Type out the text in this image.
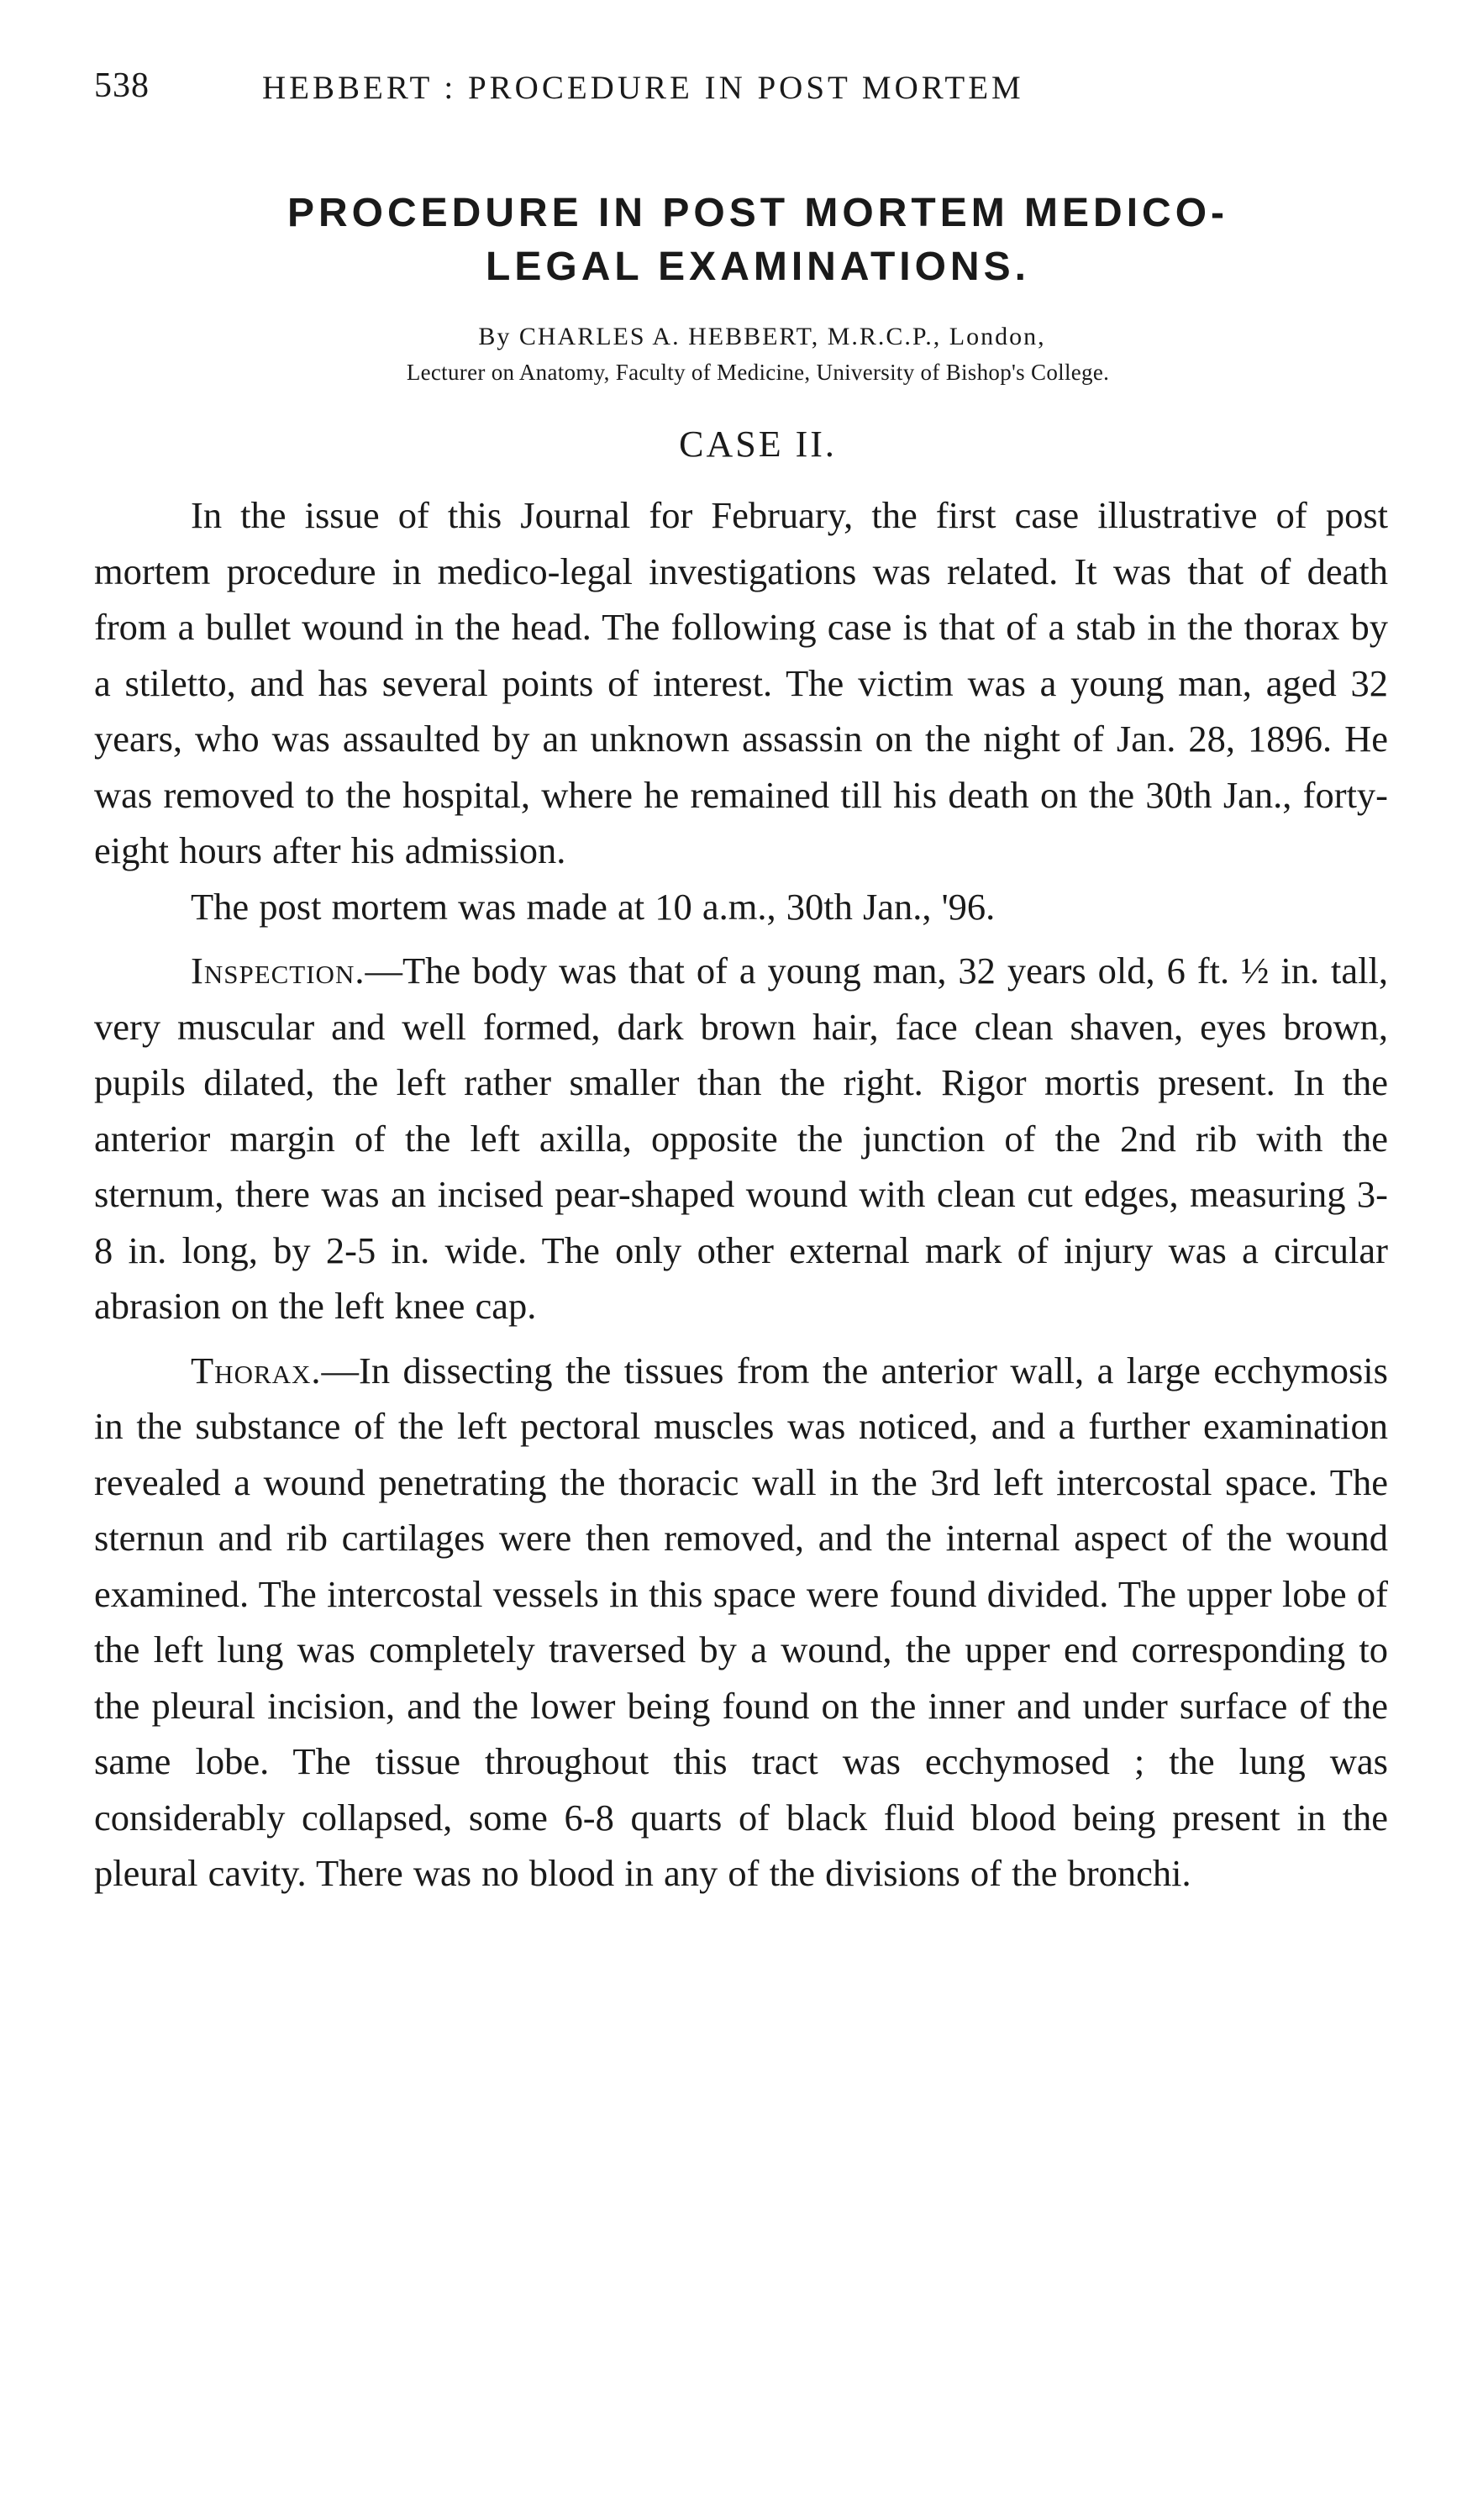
538	HEBBERT : PROCEDURE IN POST MORTEM
PROCEDURE IN POST MORTEM MEDICO-
LEGAL EXAMINATIONS.
By CHARLES A. HEBBERT, M.R.C.P., London,
Lecturer on Anatomy, Faculty of Medicine, University of Bishop's College.
CASE II.

In the issue of this Journal for February, the first case illustrative of post mortem procedure in medico-legal investigations was related. It was that of death from a bullet wound in the head. The following case is that of a stab in the thorax by a stiletto, and has several points of interest. The victim was a young man, aged 32 years, who was assaulted by an unknown assassin on the night of Jan. 28, 1896. He was removed to the hospital, where he remained till his death on the 30th Jan., forty-eight hours after his admission.

The post mortem was made at 10 a.m., 30th Jan., '96.

Inspection.—The body was that of a young man, 32 years old, 6 ft. ½ in. tall, very muscular and well formed, dark brown hair, face clean shaven, eyes brown, pupils dilated, the left rather smaller than the right. Rigor mortis present. In the anterior margin of the left axilla, opposite the junction of the 2nd rib with the sternum, there was an incised pear-shaped wound with clean cut edges, measuring 3-8 in. long, by 2-5 in. wide. The only other external mark of injury was a circular abrasion on the left knee cap.

Thorax.—In dissecting the tissues from the anterior wall, a large ecchymosis in the substance of the left pectoral muscles was noticed, and a further examination revealed a wound penetrating the thoracic wall in the 3rd left intercostal space. The sternun and rib cartilages were then removed, and the internal aspect of the wound examined. The intercostal vessels in this space were found divided. The upper lobe of the left lung was completely traversed by a wound, the upper end corresponding to the pleural incision, and the lower being found on the inner and under surface of the same lobe. The tissue throughout this tract was ecchymosed ; the lung was considerably collapsed, some 6-8 quarts of black fluid blood being present in the pleural cavity. There was no blood in any of the divisions of the bronchi.
